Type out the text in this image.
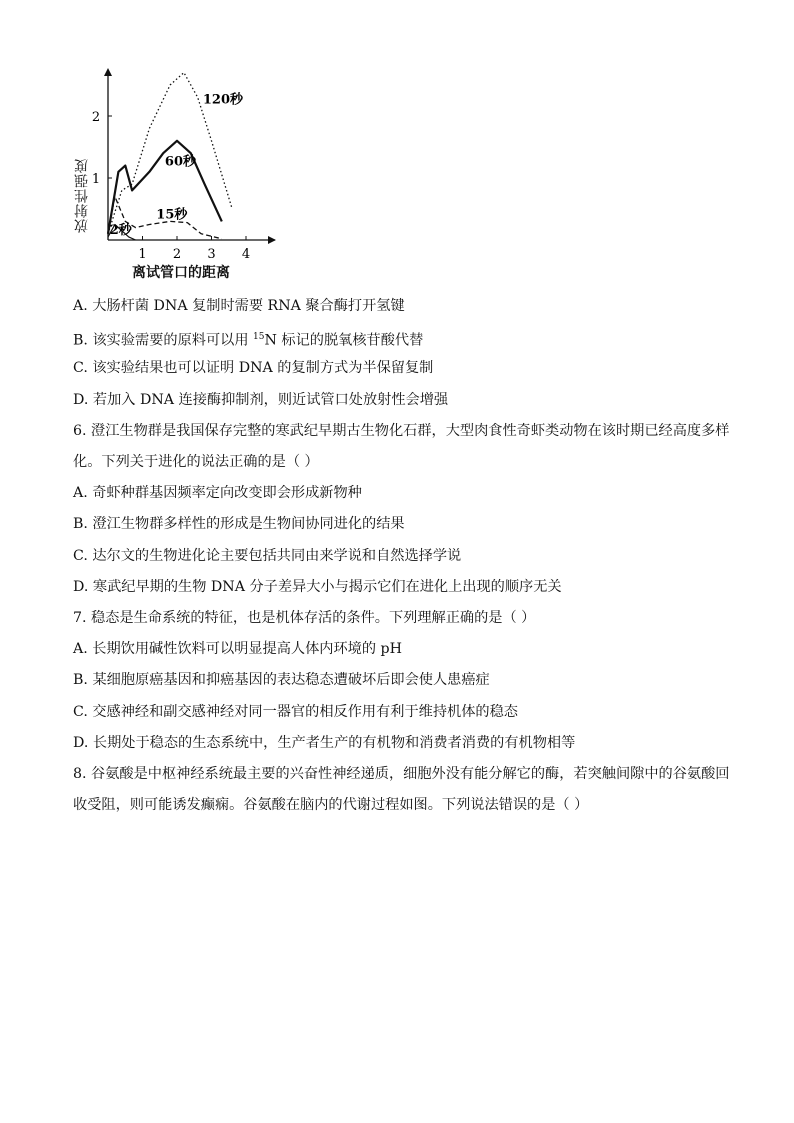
1 2 3 4
1
2
120秒
60秒
15秒
2秒
放射性强度
离试管口的距离
A. 大肠杆菌 DNA 复制时需要 RNA 聚合酶打开氢键
B. 该实验需要的原料可以用 $^{15}$N 标记的脱氧核苷酸代替
C. 该实验结果也可以证明 DNA 的复制方式为半保留复制
D. 若加入 DNA 连接酶抑制剂，则近试管口处放射性会增强
6. 澄江生物群是我国保存完整的寒武纪早期古生物化石群，大型肉食性奇虾类动物在该时期已经高度多样
化。下列关于进化的说法正确的是（ ）
A. 奇虾种群基因频率定向改变即会形成新物种
B. 澄江生物群多样性的形成是生物间协同进化的结果
C. 达尔文的生物进化论主要包括共同由来学说和自然选择学说
D. 寒武纪早期的生物 DNA 分子差异大小与揭示它们在进化上出现的顺序无关
7. 稳态是生命系统的特征，也是机体存活的条件。下列理解正确的是（ ）
A. 长期饮用碱性饮料可以明显提高人体内环境的 pH
B. 某细胞原癌基因和抑癌基因的表达稳态遭破坏后即会使人患癌症
C. 交感神经和副交感神经对同一器官的相反作用有利于维持机体的稳态
D. 长期处于稳态的生态系统中，生产者生产的有机物和消费者消费的有机物相等
8. 谷氨酸是中枢神经系统最主要的兴奋性神经递质，细胞外没有能分解它的酶，若突触间隙中的谷氨酸回
收受阻，则可能诱发癫痫。谷氨酸在脑内的代谢过程如图。下列说法错误的是（ ）
